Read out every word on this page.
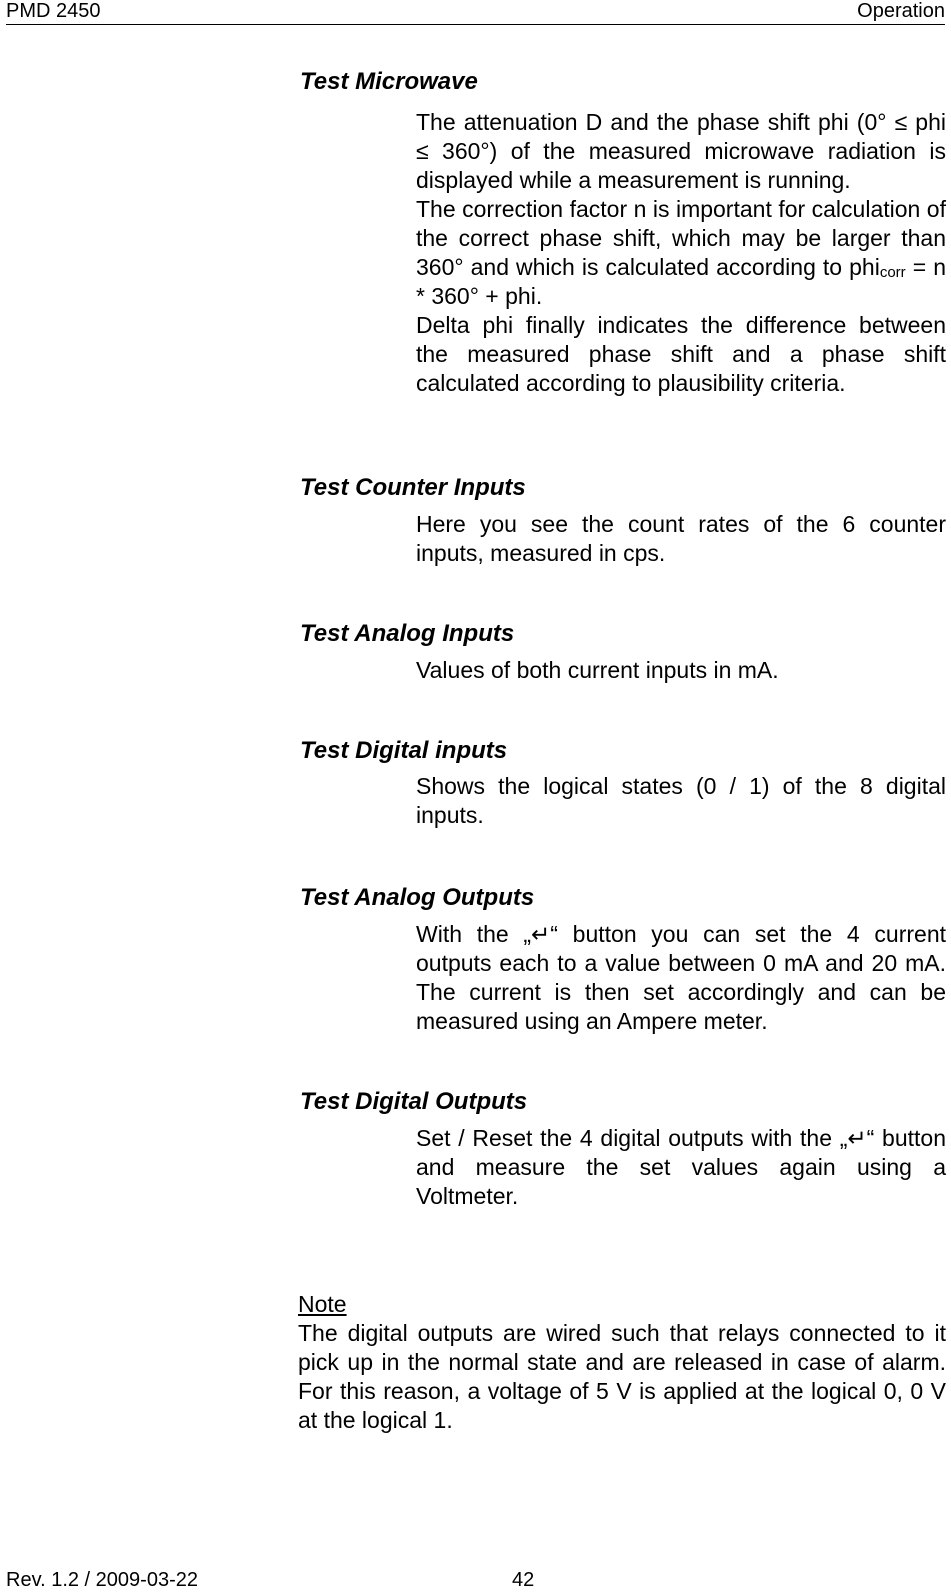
PMD 2450	Operation
Test Microwave

The attenuation D and the phase shift phi (0° ≤ phi ≤ 360°) of the measured microwave radiation is displayed while a measurement is running.

The correction factor n is important for calculation of the correct phase shift, which may be larger than 360° and which is calculated according to phi$_{corr}$ = n * 360° + phi.

Delta phi finally indicates the difference between the measured phase shift and a phase shift calculated according to plausibility criteria.

Test Counter Inputs

Here you see the count rates of the 6 counter inputs, measured in cps.

Test Analog Inputs

Values of both current inputs in mA.

Test Digital inputs

Shows the logical states (0 / 1) of the 8 digital inputs.

Test Analog Outputs

With the „↵“ button you can set the 4 current outputs each to a value between 0 mA and 20 mA. The current is then set accordingly and can be measured using an Ampere meter.

Test Digital Outputs

Set / Reset the 4 digital outputs with the „↵“ button and measure the set values again using a Voltmeter.

Note
The digital outputs are wired such that relays connected to it pick up in the normal state and are released in case of alarm. For this reason, a voltage of 5 V is applied at the logical 0, 0 V at the logical 1.
Rev. 1.2 / 2009-03-22	42
